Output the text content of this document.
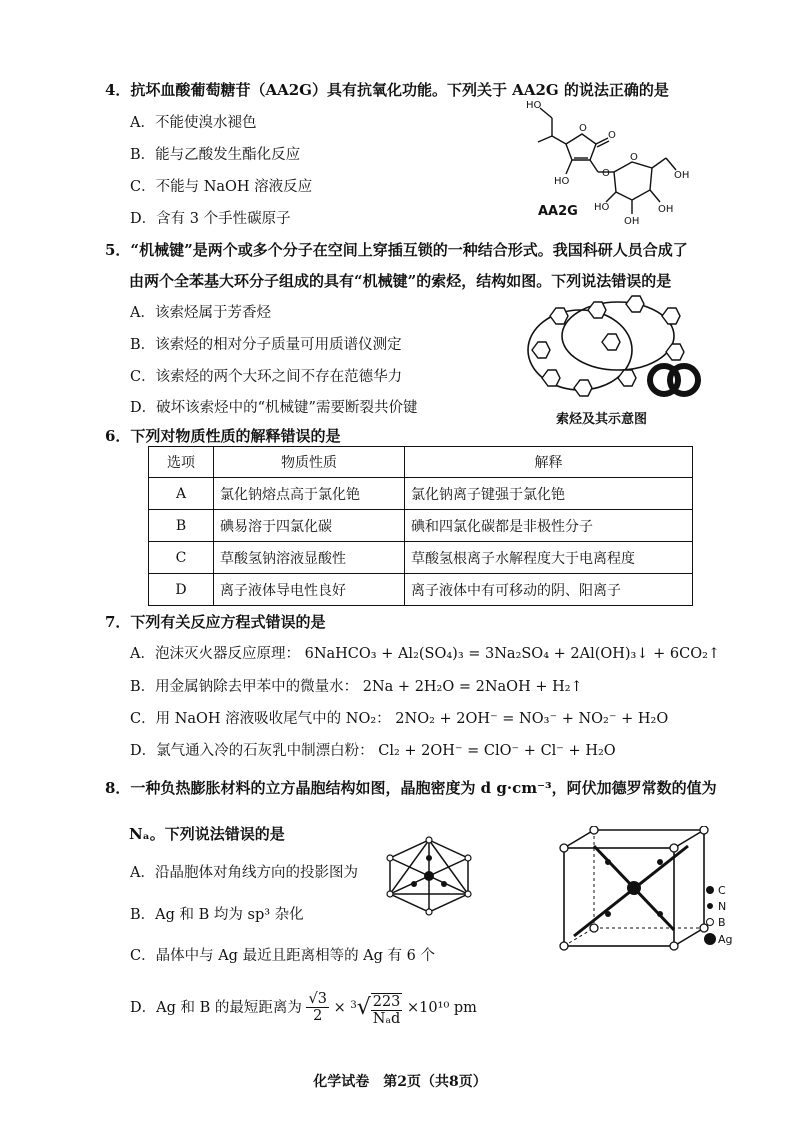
4．抗坏血酸葡萄糖苷（AA2G）具有抗氧化功能。下列关于 AA2G 的说法正确的是
A．不能使溴水褪色
B．能与乙酸发生酯化反应
C．不能与 NaOH 溶液反应
D．含有 3 个手性碳原子
HO
O
O
HO
O
O
OH
HO
OH
OH
AA2G
5．“机械键”是两个或多个分子在空间上穿插互锁的一种结合形式。我国科研人员合成了
由两个全苯基大环分子组成的具有“机械键”的索烃，结构如图。下列说法错误的是
A．该索烃属于芳香烃
B．该索烃的相对分子质量可用质谱仪测定
C．该索烃的两个大环之间不存在范德华力
D．破坏该索烃中的“机械键”需要断裂共价键
索烃及其示意图
6．下列对物质性质的解释错误的是
选项	物质性质	解释
A	氯化钠熔点高于氯化铯	氯化钠离子键强于氯化铯
B	碘易溶于四氯化碳	碘和四氯化碳都是非极性分子
C	草酸氢钠溶液显酸性	草酸氢根离子水解程度大于电离程度
D	离子液体导电性良好	离子液体中有可移动的阴、阳离子
7．下列有关反应方程式错误的是
A．泡沫灭火器反应原理： 6NaHCO₃ + Al₂(SO₄)₃ = 3Na₂SO₄ + 2Al(OH)₃↓ + 6CO₂↑
B．用金属钠除去甲苯中的微量水： 2Na + 2H₂O = 2NaOH + H₂↑
C．用 NaOH 溶液吸收尾气中的 NO₂： 2NO₂ + 2OH⁻ = NO₃⁻ + NO₂⁻ + H₂O
D．氯气通入冷的石灰乳中制漂白粉： Cl₂ + 2OH⁻ = ClO⁻ + Cl⁻ + H₂O
8．一种负热膨胀材料的立方晶胞结构如图，晶胞密度为 d g·cm⁻³，阿伏加德罗常数的值为
Nₐ。下列说法错误的是
A．沿晶胞体对角线方向的投影图为
B．Ag 和 B 均为 sp³ 杂化
C．晶体中与 Ag 最近且距离相等的 Ag 有 6 个
D．Ag 和 B 的最短距离为 $\frac{√3}{2} \times ^3√ \frac{223}{\text{Nₐd}} \times 10^{10}$ pm
C
N
B
Ag
化学试卷　第2页（共8页）
